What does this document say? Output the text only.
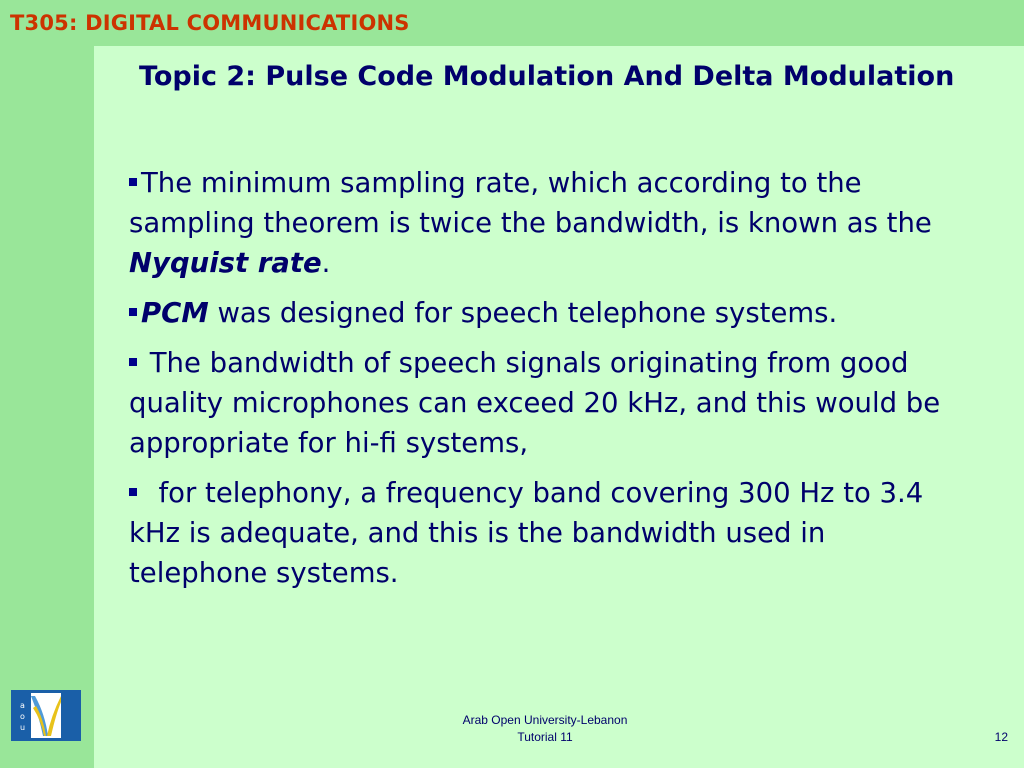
T305: DIGITAL COMMUNICATIONS
Topic 2: Pulse Code Modulation And Delta Modulation
The minimum sampling rate, which according to the sampling theorem is twice the bandwidth, is known as the Nyquist rate.
PCM was designed for speech telephone systems.
The bandwidth of speech signals originating from good quality microphones can exceed 20 kHz, and this would be appropriate for hi-fi systems,
for telephony, a frequency band covering 300 Hz to 3.4 kHz is adequate, and this is the bandwidth used in telephone systems.
a
o
u
Arab Open University-Lebanon
Tutorial 11	12
